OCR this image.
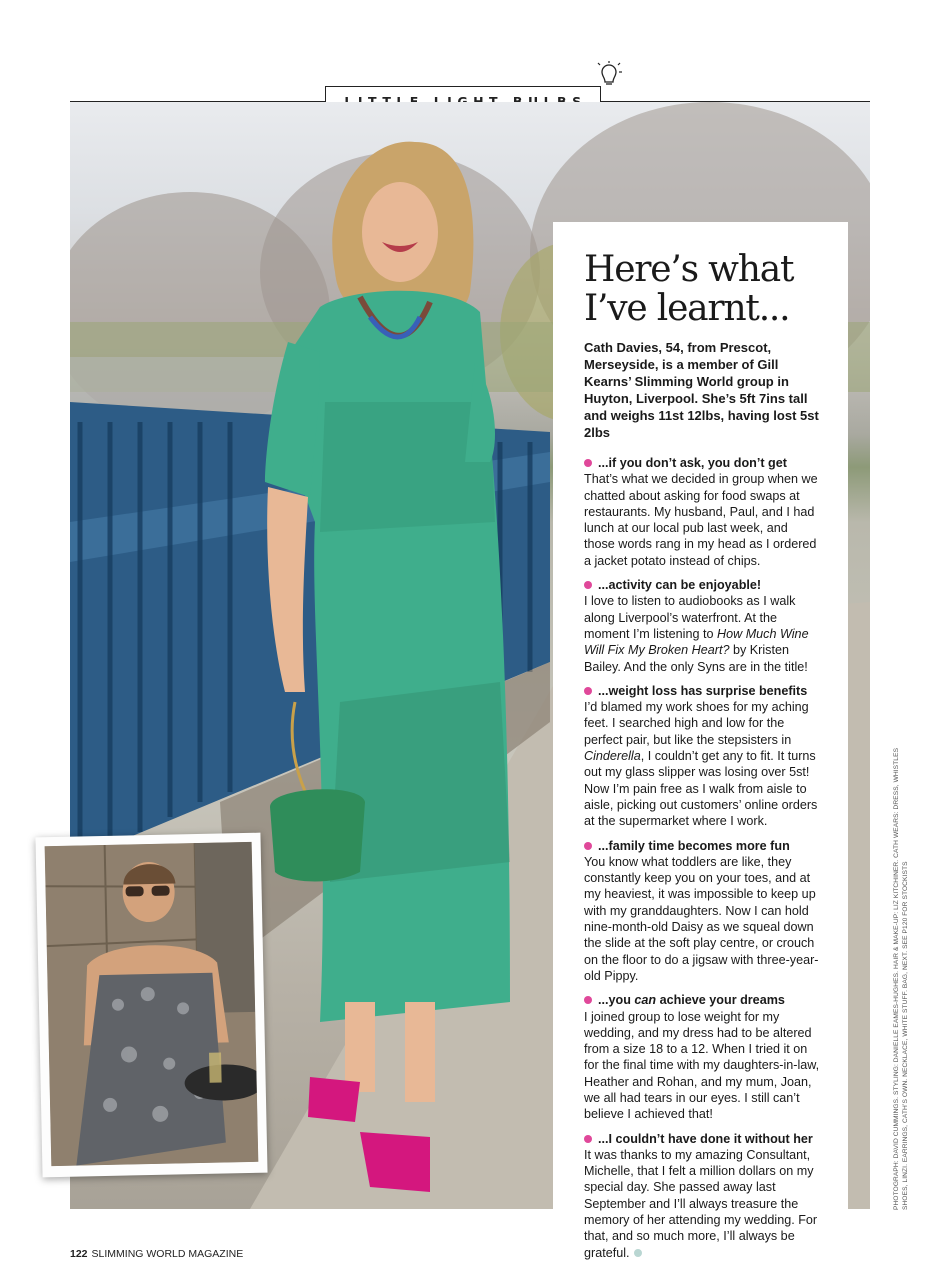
Here’s what
I’ve learnt...

Cath Davies, 54, from Prescot, Merseyside, is a member of Gill Kearns’ Slimming World group in Huyton, Liverpool. She’s 5ft 7ins tall and weighs 11st 12lbs, having lost 5st 2lbs

...if you don’t ask, you don’t get
That’s what we decided in group when we chatted about asking for food swaps at restaurants. My husband, Paul, and I had lunch at our local pub last week, and those words rang in my head as I ordered a jacket potato instead of chips.
...activity can be enjoyable!
I love to listen to audiobooks as I walk along Liverpool’s waterfront. At the moment I’m listening to How Much Wine Will Fix My Broken Heart? by Kristen Bailey. And the only Syns are in the title!
...weight loss has surprise benefits
I’d blamed my work shoes for my aching feet. I searched high and low for the perfect pair, but like the stepsisters in Cinderella, I couldn’t get any to fit. It turns out my glass slipper was losing over 5st! Now I’m pain free as I walk from aisle to aisle, picking out customers’ online orders at the supermarket where I work.
...family time becomes more fun
You know what toddlers are like, they constantly keep you on your toes, and at my heaviest, it was impossible to keep up with my granddaughters. Now I can hold nine-month-old Daisy as we squeal down the slide at the soft play centre, or crouch on the floor to do a jigsaw with three-year-old Pippy.
...you can achieve your dreams
I joined group to lose weight for my wedding, and my dress had to be altered from a size 18 to a 12. When I tried it on for the final time with my daughters-in-law, Heather and Rohan, and my mum, Joan, we all had tears in our eyes. I still can’t believe I achieved that!
...I couldn’t have done it without her
It was thanks to my amazing Consultant, Michelle, that I felt a million dollars on my special day. She passed away last September and I’ll always treasure the memory of her attending my wedding. For that, and so much more, I’ll always be grateful.
PHOTOGRAPH: DAVID CUMMINGS. STYLING: DANIELLE EAMES-HUGHES. HAIR & MAKE-UP: LIZ KITCHINER. CATH WEARS: DRESS, WHISTLES SHOES, LINZI. EARRINGS, CATH’S OWN. NECKLACE, WHITE STUFF. BAG, NEXT. SEE P120 FOR STOCKISTS
122 SLIMMING WORLD MAGAZINE
